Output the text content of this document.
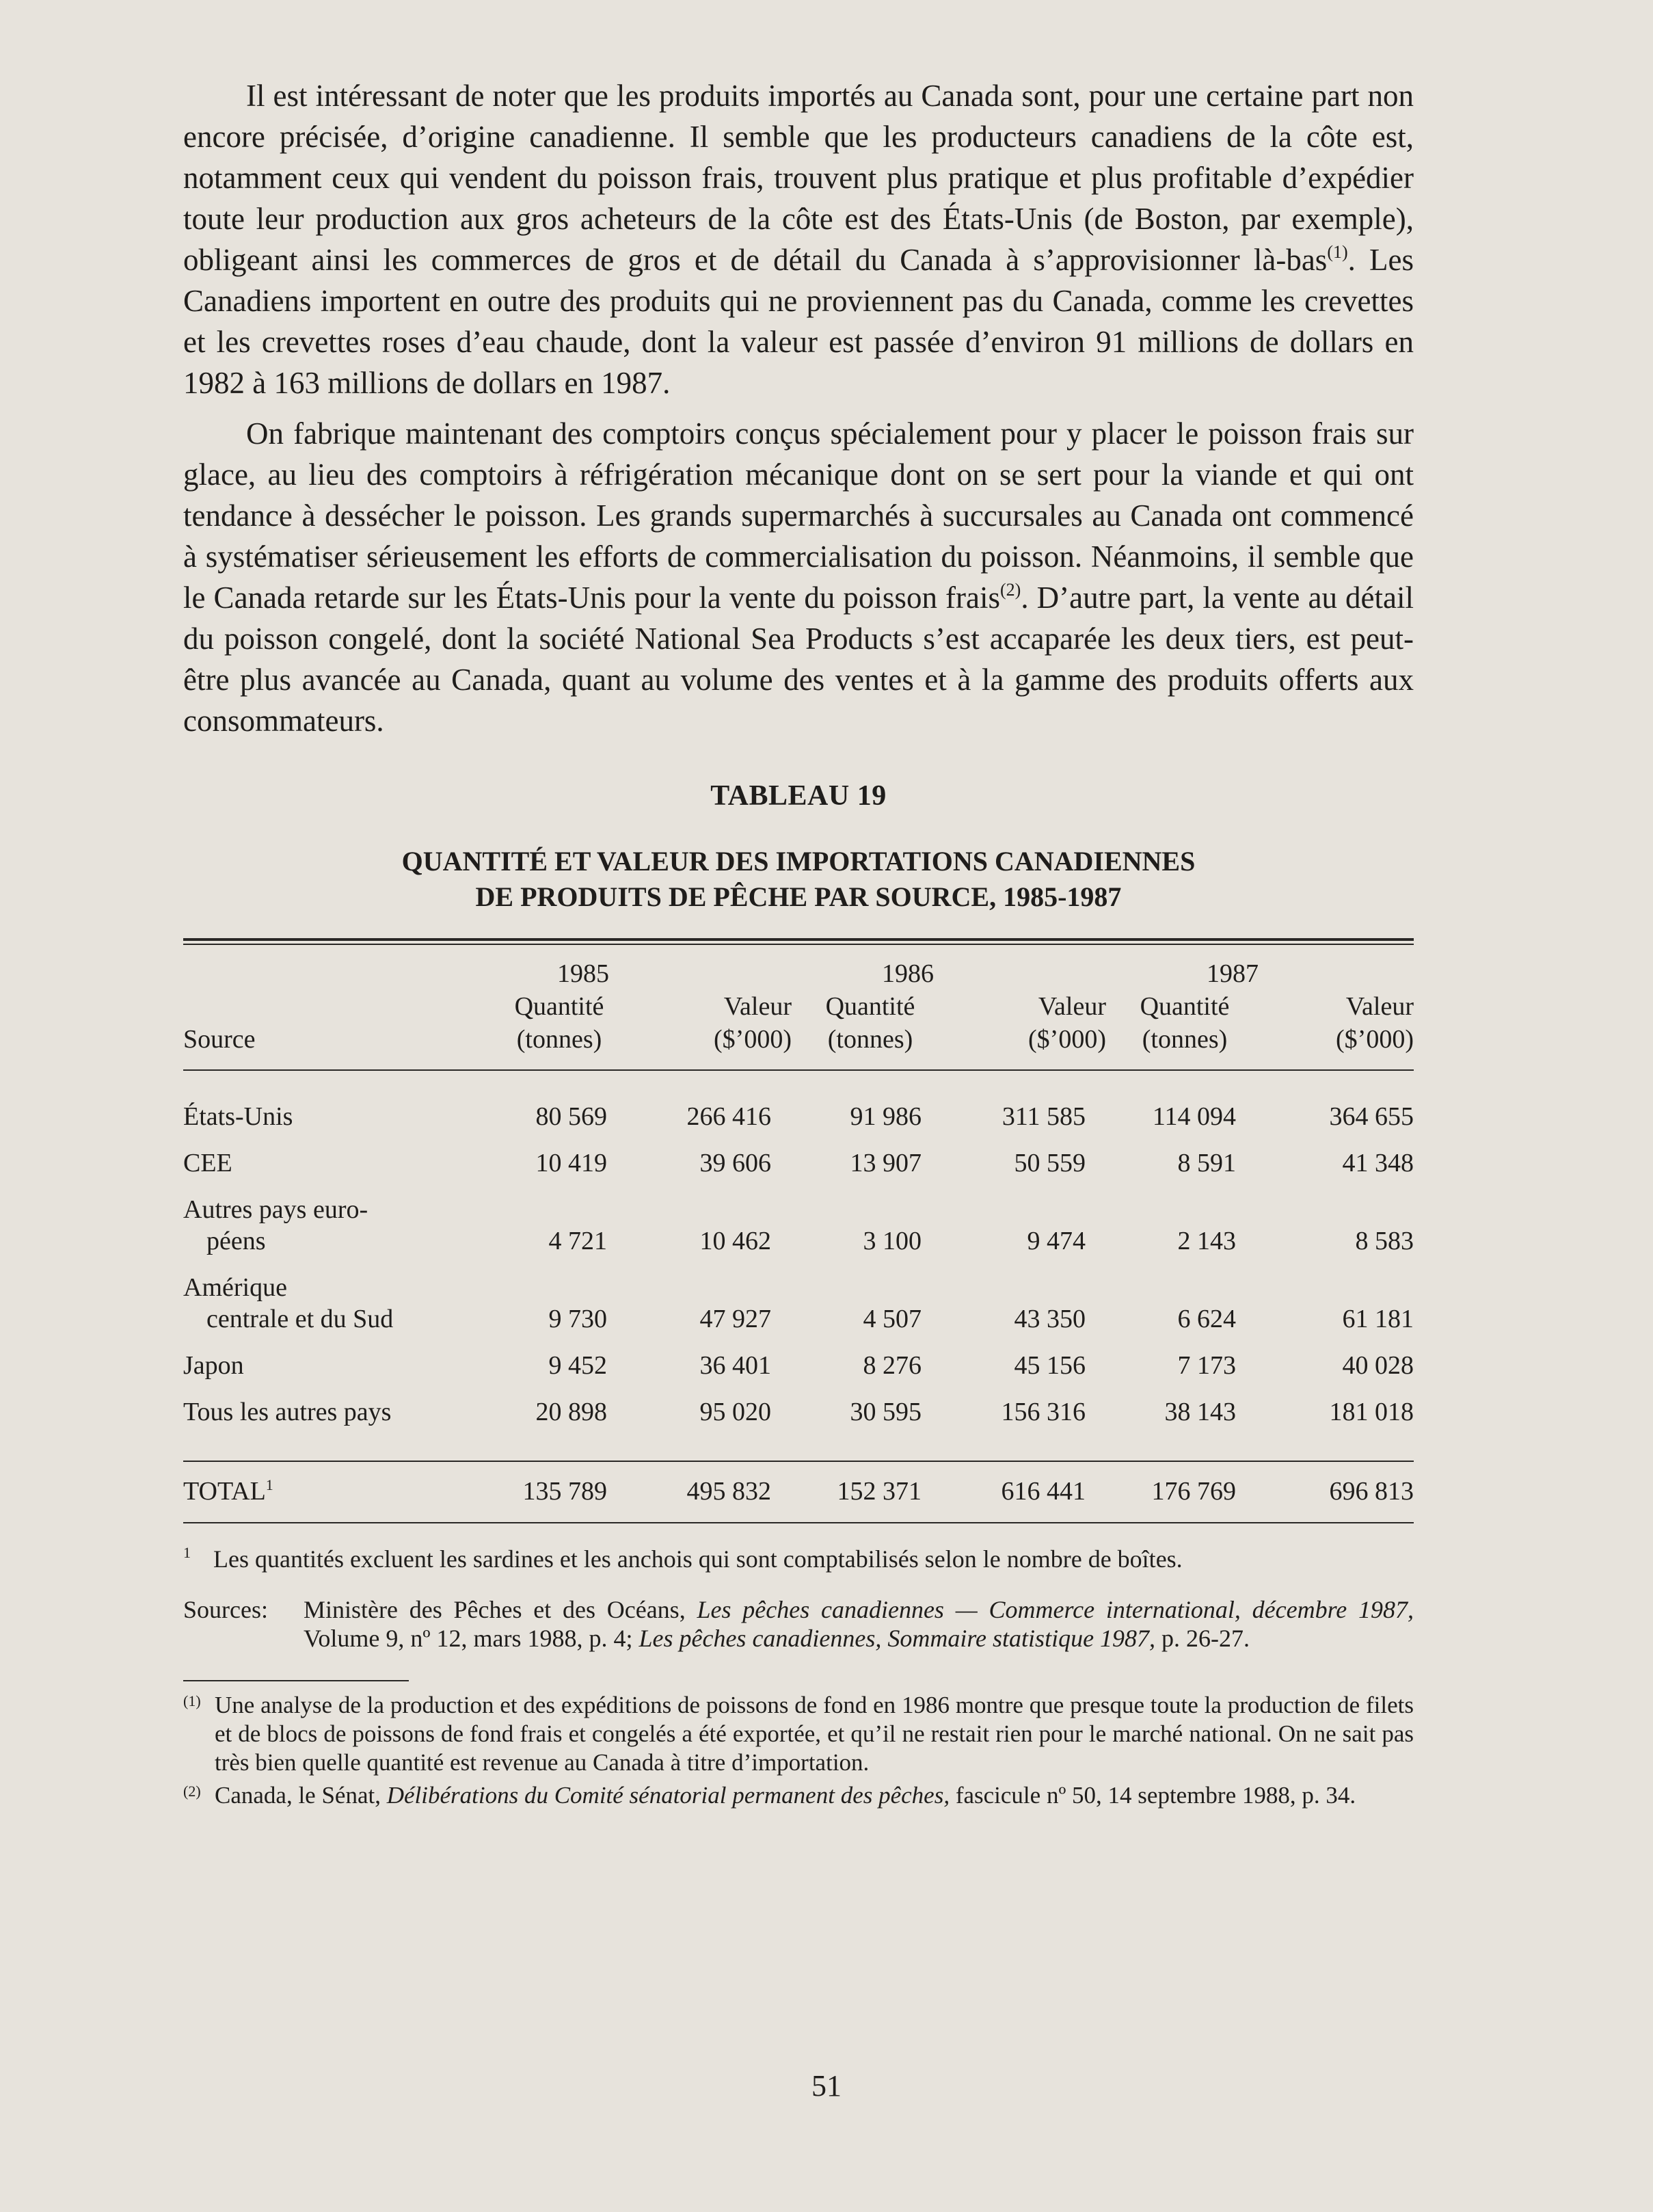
Il est intéressant de noter que les produits importés au Canada sont, pour une certaine part non encore précisée, d’origine canadienne. Il semble que les producteurs canadiens de la côte est, notamment ceux qui vendent du poisson frais, trouvent plus pratique et plus profitable d’expédier toute leur production aux gros acheteurs de la côte est des États-Unis (de Boston, par exemple), obligeant ainsi les commerces de gros et de détail du Canada à s’approvisionner là-bas$^{(1)}$. Les Canadiens importent en outre des produits qui ne proviennent pas du Canada, comme les crevettes et les crevettes roses d’eau chaude, dont la valeur est passée d’environ 91 millions de dollars en 1982 à 163 millions de dollars en 1987.

On fabrique maintenant des comptoirs conçus spécialement pour y placer le poisson frais sur glace, au lieu des comptoirs à réfrigération mécanique dont on se sert pour la viande et qui ont tendance à dessécher le poisson. Les grands supermarchés à succursales au Canada ont commencé à systématiser sérieusement les efforts de commercialisation du poisson. Néanmoins, il semble que le Canada retarde sur les États-Unis pour la vente du poisson frais$^{(2)}$. D’autre part, la vente au détail du poisson congelé, dont la société National Sea Products s’est accaparée les deux tiers, est peut-être plus avancée au Canada, quant au volume des ventes et à la gamme des produits offerts aux consommateurs.

TABLEAU 19
QUANTITÉ ET VALEUR DES IMPORTATIONS CANADIENNES
DE PRODUITS DE PÊCHE PAR SOURCE, 1985-1987
	1985		1986		1987	
	Quantité	Valeur	Quantité	Valeur	Quantité	Valeur
Source	(tonnes)	($’000)	(tonnes)	($’000)	(tonnes)	($’000)

États-Unis	80 569	266 416	91 986	311 585	114 094	364 655
CEE	10 419	39 606	13 907	50 559	8 591	41 348

Autres pays euro-
péens	4 721	10 462	3 100	9 474	2 143	8 583

Amérique
centrale et du Sud	9 730	47 927	4 507	43 350	6 624	61 181
Japon	9 452	36 401	8 276	45 156	7 173	40 028
Tous les autres pays	20 898	95 020	30 595	156 316	38 143	181 018

TOTAL$^1$	135 789	495 832	152 371	616 441	176 769	696 813

1 Les quantités excluent les sardines et les anchois qui sont comptabilisés selon le nombre de boîtes.
Sources:	Ministère des Pêches et des Océans, Les pêches canadiennes — Commerce international, décembre 1987, Volume 9, nº 12, mars 1988, p. 4; Les pêches canadiennes, Sommaire statistique 1987, p. 26-27.
(1) Une analyse de la production et des expéditions de poissons de fond en 1986 montre que presque toute la production de filets et de blocs de poissons de fond frais et congelés a été exportée, et qu’il ne restait rien pour le marché national. On ne sait pas très bien quelle quantité est revenue au Canada à titre d’importation.
(2) Canada, le Sénat, Délibérations du Comité sénatorial permanent des pêches, fascicule nº 50, 14 septembre 1988, p. 34.
51
